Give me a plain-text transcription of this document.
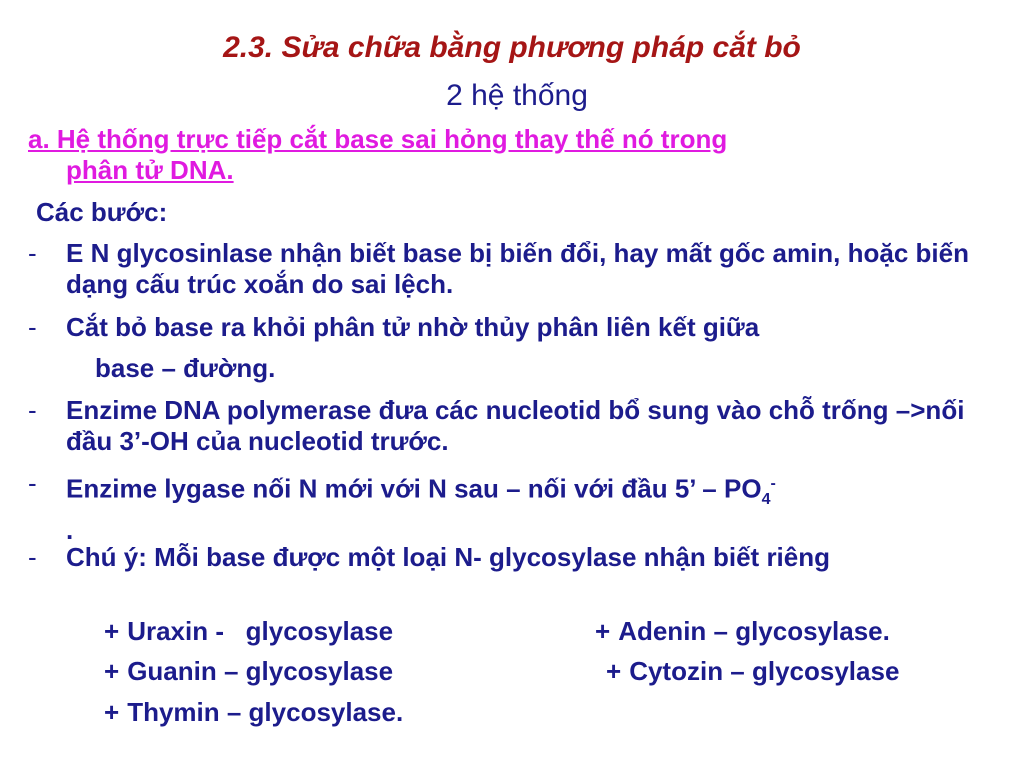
2.3. Sửa chữa bằng phương pháp cắt bỏ
2 hệ thống
a. Hệ thống trực tiếp cắt base sai hỏng thay thế nó trong
phân tử DNA.
Các bước:
-	E N glycosinlase nhận biết base bị biến đổi, hay mất gốc amin, hoặc biến dạng cấu trúc xoắn do sai lệch.
-	Cắt bỏ base ra khỏi phân tử nhờ thủy phân liên kết giữa
base – đường.
-	Enzime DNA polymerase đưa các nucleotid bổ sung vào chỗ trống –>nối đầu 3’-OH của nucleotid trước.
-	Enzime lygase nối N mới với N sau – nối với đầu 5’ – $PO_4^-$
.
-	Chú ý: Mỗi base được một loại N- glycosylase nhận biết riêng
+ Uraxin -   glycosylase	+ Adenin – glycosylase.
+ Guanin – glycosylase	+ Cytozin – glycosylase
+ Thymin – glycosylase.
